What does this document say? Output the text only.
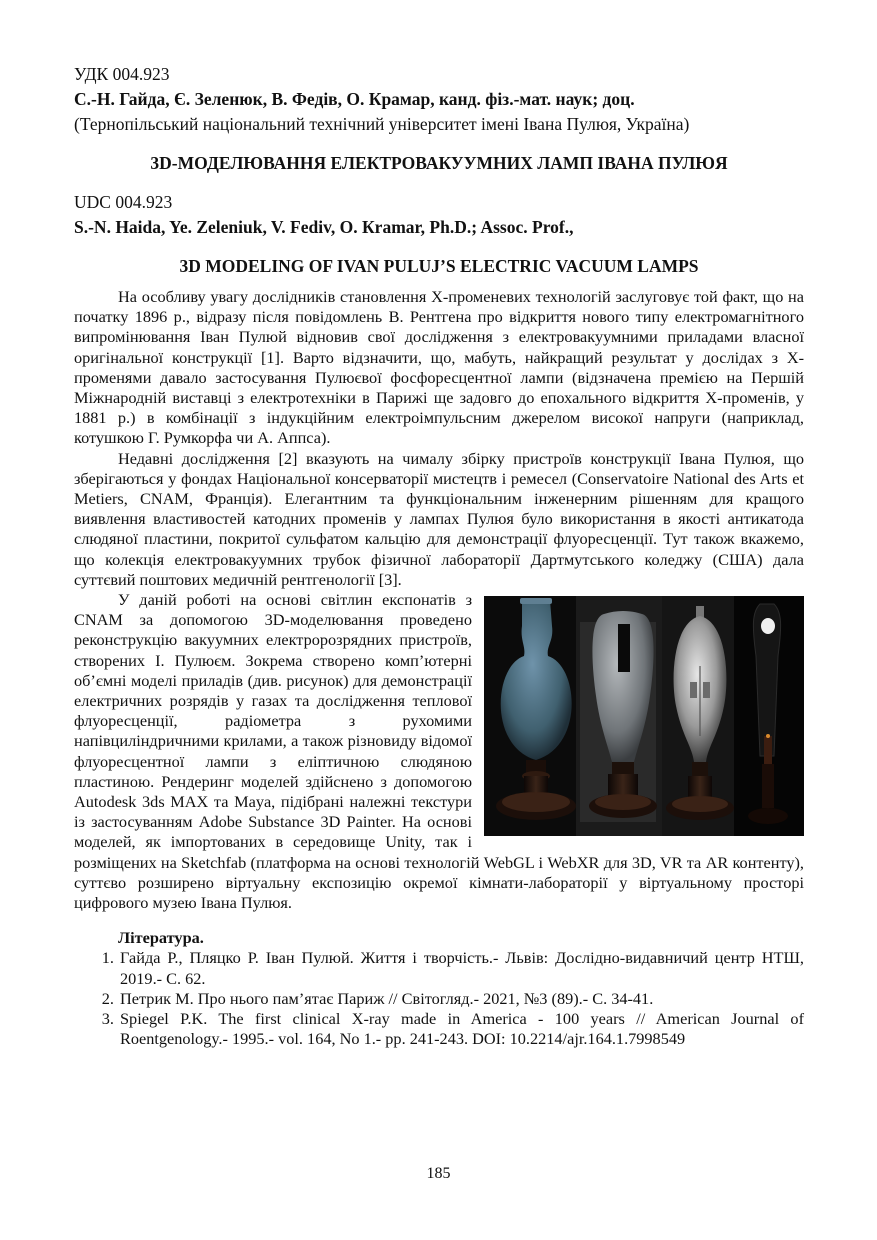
УДК 004.923

С.-Н. Гайда, Є. Зеленюк, В. Федів, О. Крамар, канд. фіз.-мат. наук; доц.

(Тернопільський національний технічний університет імені Івана Пулюя, Україна)

3D-МОДЕЛЮВАННЯ ЕЛЕКТРОВАКУУМНИХ ЛАМП ІВАНА ПУЛЮЯ

UDC 004.923

S.-N. Haida, Ye. Zeleniuk, V. Fediv, O. Кramar, Ph.D.; Assoc. Prof.,

3D MODELING OF IVAN PULUJ’S ELECTRIC VACUUM LAMPS

На особливу увагу дослідників становлення Х-променевих технологій заслуговує той факт, що на початку 1896 р., відразу після повідомлень В. Рентгена про відкриття нового типу електромагнітного випромінювання Іван Пулюй відновив свої дослідження з електровакуумними приладами власної оригінальної конструкції [1]. Варто відзначити, що, мабуть, найкращий результат у дослідах з Х-променями давало застосування Пулюєвої фосфоресцентної лампи (відзначена премією на Першій Міжнародній виставці з електротехніки в Парижі ще задовго до епохального відкриття Х-променів, у 1881 р.) в комбінації з індукційним електроімпульсним джерелом високої напруги (наприклад, котушкою Г. Румкорфа чи А. Аппса).

Недавні дослідження [2] вказують на чималу збірку пристроїв конструкції Івана Пулюя, що зберігаються у фондах Національної консерваторії мистецтв і ремесел (Conservatoire National des Arts et Metiers, CNAM, Франція). Елегантним та функціональним інженерним рішенням для кращого виявлення властивостей катодних променів у лампах Пулюя було використання в якості антикатода слюдяної пластини, покритої сульфатом кальцію для демонстрації флуоресценції. Тут також вкажемо, що колекція електровакуумних трубок фізичної лабораторії Дартмутського коледжу (США) дала суттєвий поштових медичній рентгенології [3].

У даній роботі на основі світлин експонатів з CNAM за допомогою 3D-моделювання проведено реконструкцію вакуумних електророзрядних пристроїв, створених І. Пулюєм. Зокрема створено комп’ютерні об’ємні моделі приладів (див. рисунок) для демонстрації електричних розрядів у газах та дослідження теплової флуоресценції, радіометра з рухомими напівциліндричними крилами, а також різновиду відомої флуоресцентної лампи з еліптичною слюдяною пластиною. Рендеринг моделей здійснено з допомогою Autodesk 3ds MAX та Maya, підібрані належні текстури із застосуванням Adobe Substance 3D Painter. На основі моделей, як імпортованих в середовище Unity, так і розміщених на Sketchfab (платформа на основі технологій WebGL і WebXR для 3D, VR та AR контенту), суттєво розширено віртуальну експозицію окремої кімнати-лабораторії у віртуальному просторі цифрового музею Івана Пулюя.

Література.

1. Гайда Р., Пляцко Р. Іван Пулюй. Життя і творчість.- Львів: Дослідно-видавничий центр НТШ, 2019.- С. 62.
2. Петрик М. Про нього пам’ятає Париж // Світогляд.- 2021, №3 (89).- С. 34-41.
3. Spiegel P.K. The first clinical X-ray made in America - 100 years // American Journal of Roentgenology.- 1995.- vol. 164, No 1.- pp. 241-243. DOI: 10.2214/ajr.164.1.7998549
185
